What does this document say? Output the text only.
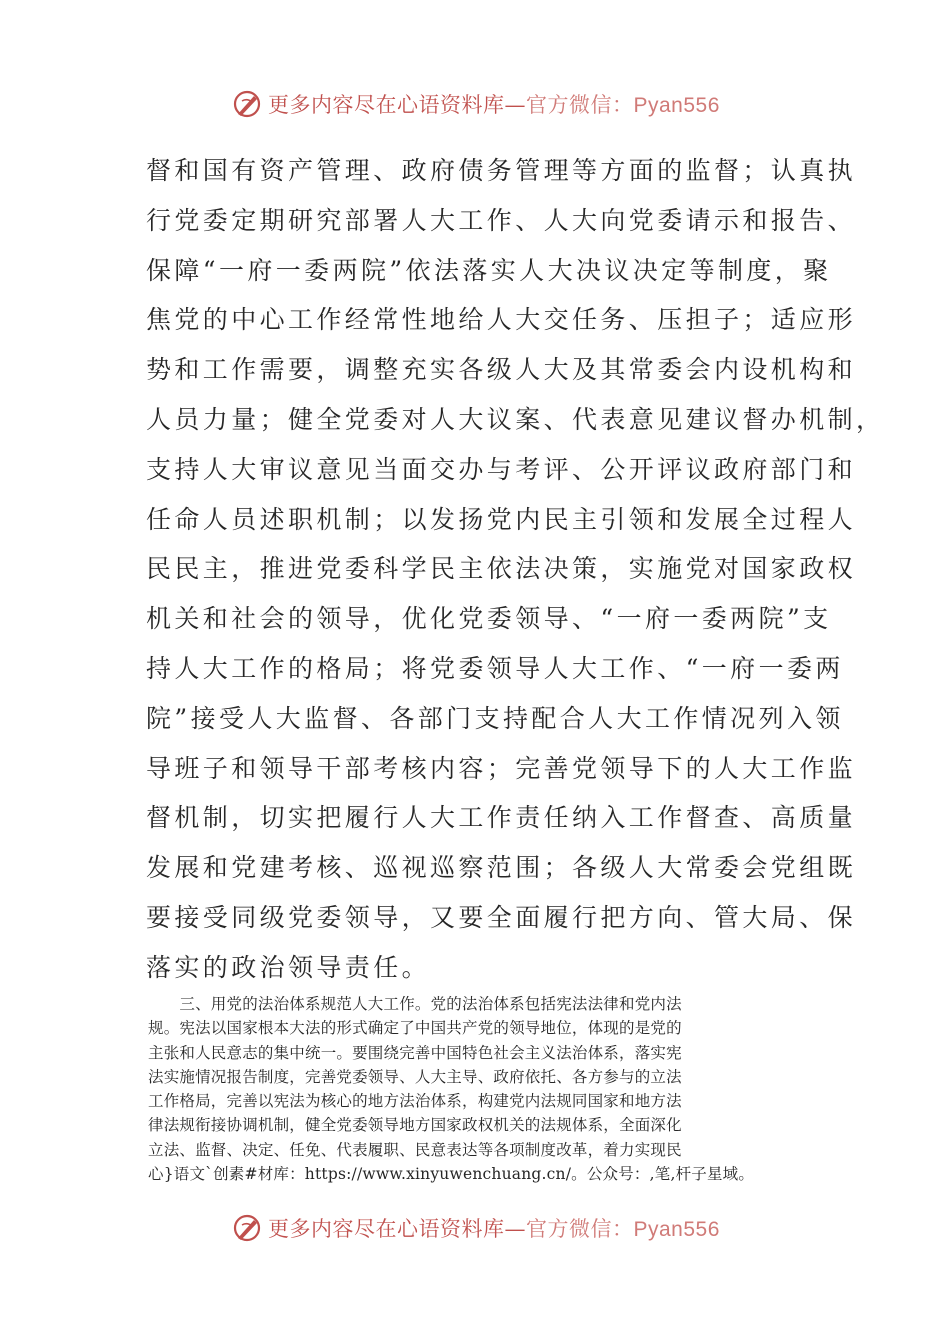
更多内容尽在心语资料库— 官方微信：Pyan556
督和国有资产管理、政府债务管理等方面的监督；认真执
行党委定期研究部署人大工作、人大向党委请示和报告、
保障“一府一委两院”依法落实人大决议决定等制度，聚
焦党的中心工作经常性地给人大交任务、压担子；适应形
势和工作需要，调整充实各级人大及其常委会内设机构和
人员力量；健全党委对人大议案、代表意见建议督办机制，
支持人大审议意见当面交办与考评、公开评议政府部门和
任命人员述职机制；以发扬党内民主引领和发展全过程人
民民主，推进党委科学民主依法决策，实施党对国家政权
机关和社会的领导，优化党委领导、“一府一委两院”支
持人大工作的格局；将党委领导人大工作、“一府一委两
院”接受人大监督、各部门支持配合人大工作情况列入领
导班子和领导干部考核内容；完善党领导下的人大工作监
督机制，切实把履行人大工作责任纳入工作督查、高质量
发展和党建考核、巡视巡察范围；各级人大常委会党组既
要接受同级党委领导，又要全面履行把方向、管大局、保
落实的政治领导责任。
　　三、用党的法治体系规范人大工作。党的法治体系包括宪法法律和党内法
规。宪法以国家根本大法的形式确定了中国共产党的领导地位，体现的是党的
主张和人民意志的集中统一。要围绕完善中国特色社会主义法治体系，落实宪
法实施情况报告制度，完善党委领导、人大主导、政府依托、各方参与的立法
工作格局，完善以宪法为核心的地方法治体系，构建党内法规同国家和地方法
律法规衔接协调机制，健全党委领导地方国家政权机关的法规体系，全面深化
立法、监督、决定、任免、代表履职、民意表达等各项制度改革，着力实现民
心}语文`创素#材库：https://www.xinyuwenchuang.cn/。公众号：,笔,杆子星域。
更多内容尽在心语资料库— 官方微信：Pyan556
